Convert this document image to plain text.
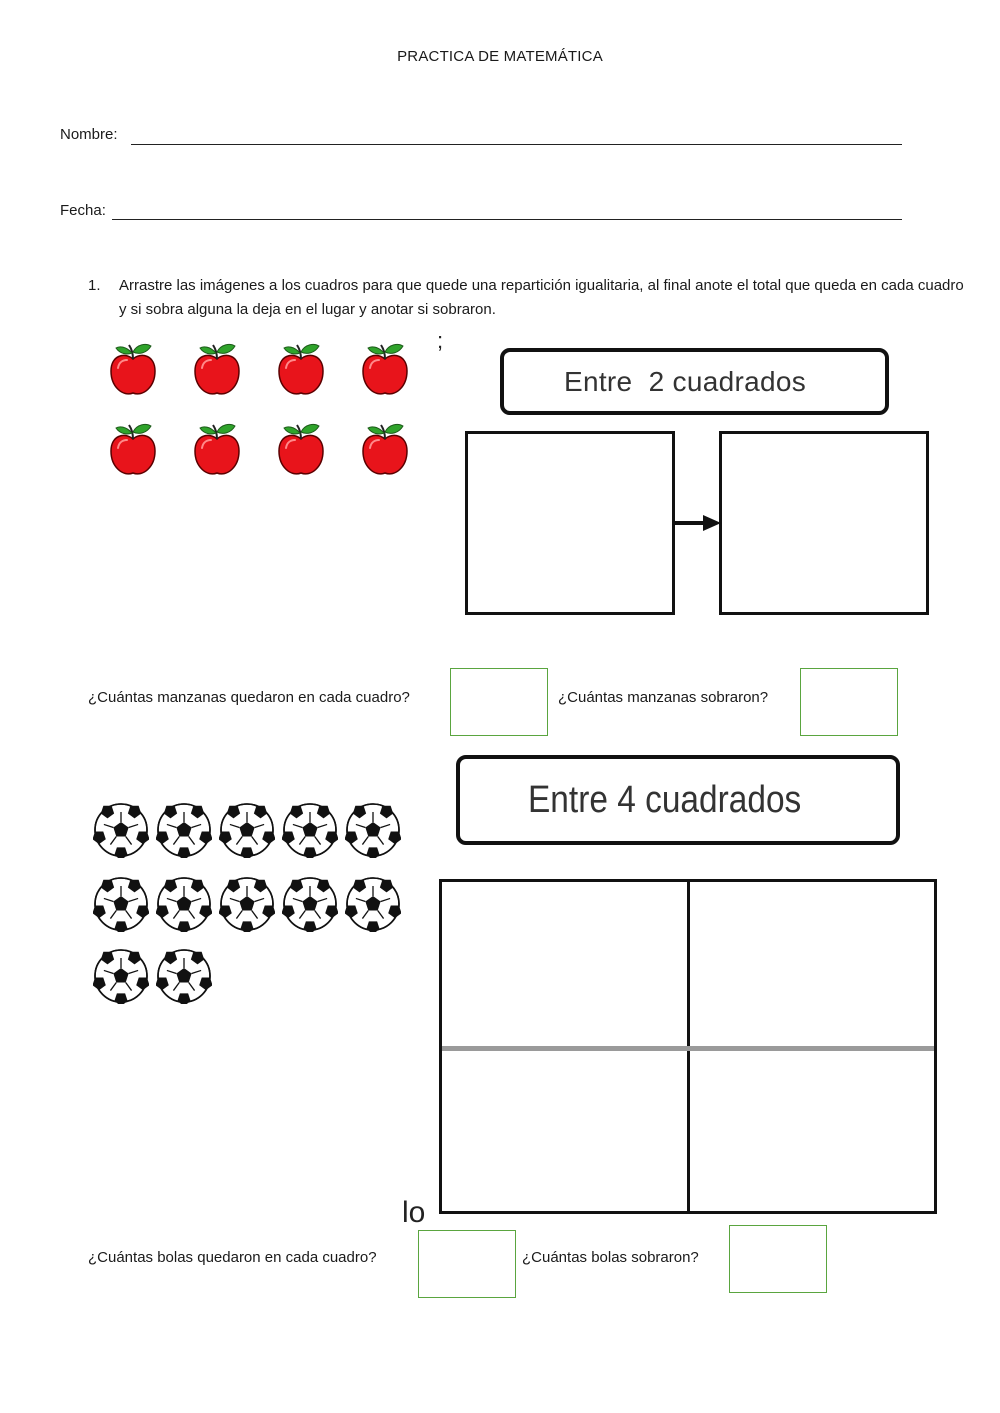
PRACTICA DE MATEMÁTICA
Nombre:
Fecha:
1. Arrastre las imágenes a los cuadros para que quede una repartición igualitaria, al final anote el total que queda en cada cuadro y si sobra alguna la deja en el lugar y anotar si sobraron.
;
Entre  2 cuadrados
¿Cuántas manzanas quedaron en cada cuadro?	¿Cuántas manzanas sobraron?
Entre 4 cuadrados
lo
¿Cuántas bolas quedaron en cada cuadro?	¿Cuántas bolas sobraron?
